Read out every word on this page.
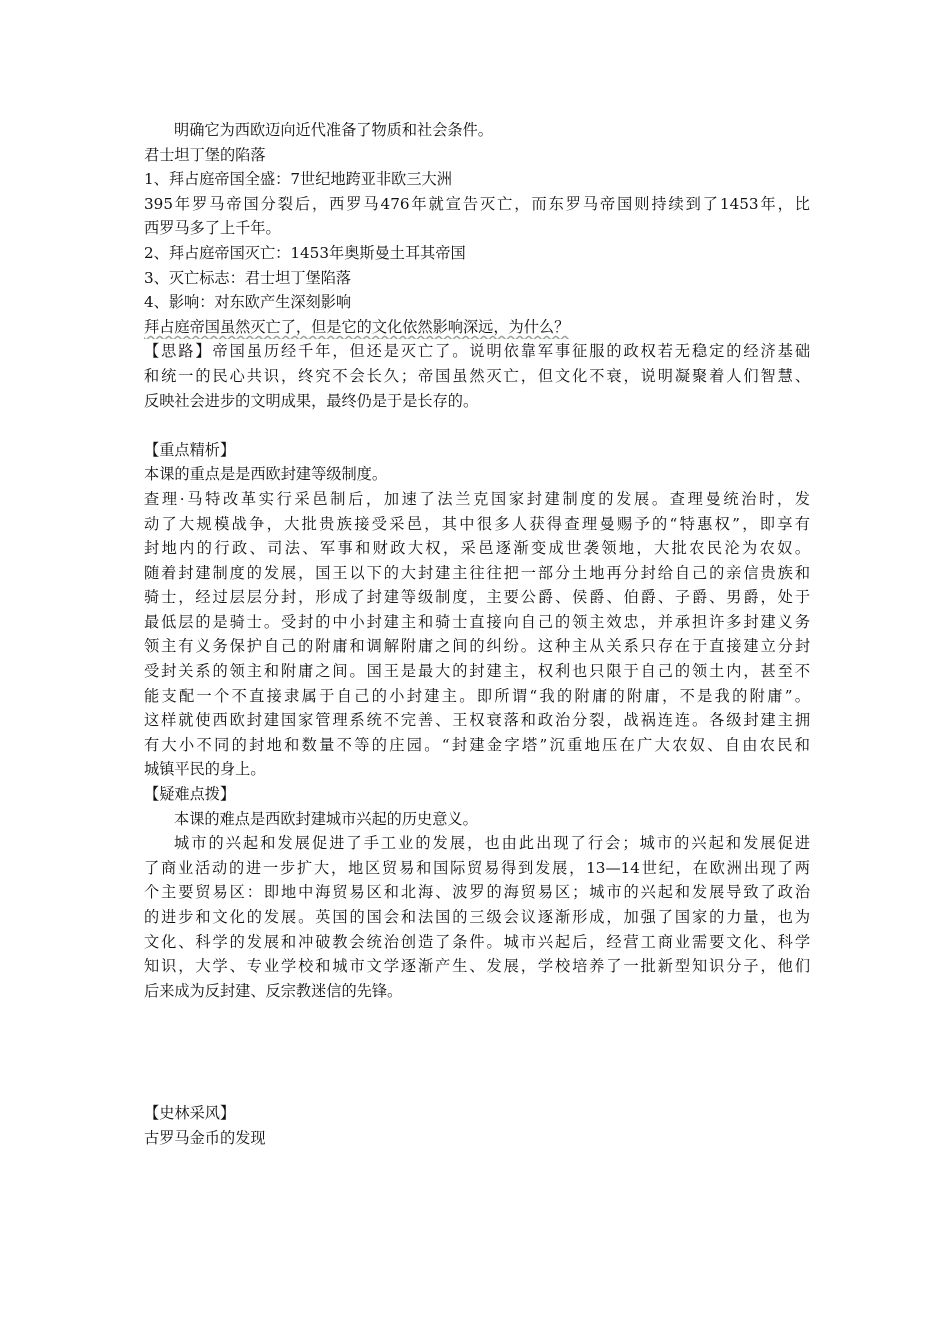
明确它为西欧迈向近代准备了物质和社会条件。
君士坦丁堡的陷落
1、拜占庭帝国全盛：7世纪地跨亚非欧三大洲
395年罗马帝国分裂后，西罗马476年就宣告灭亡，而东罗马帝国则持续到了1453年，比
西罗马多了上千年。
2、拜占庭帝国灭亡：1453年奥斯曼土耳其帝国
3、灭亡标志：君士坦丁堡陷落
4、影响：对东欧产生深刻影响
拜占庭帝国虽然灭亡了，但是它的文化依然影响深远，为什么？
【思路】帝国虽历经千年，但还是灭亡了。说明依靠军事征服的政权若无稳定的经济基础
和统一的民心共识，终究不会长久；帝国虽然灭亡，但文化不衰，说明凝聚着人们智慧、
反映社会进步的文明成果，最终仍是于是长存的。
【重点精析】
本课的重点是是西欧封建等级制度。
查理·马特改革实行采邑制后，加速了法兰克国家封建制度的发展。查理曼统治时，发
动了大规模战争，大批贵族接受采邑，其中很多人获得查理曼赐予的“特惠权”，即享有
封地内的行政、司法、军事和财政大权，采邑逐渐变成世袭领地，大批农民沦为农奴。
随着封建制度的发展，国王以下的大封建主往往把一部分土地再分封给自己的亲信贵族和
骑士，经过层层分封，形成了封建等级制度，主要公爵、侯爵、伯爵、子爵、男爵，处于
最低层的是骑士。受封的中小封建主和骑士直接向自己的领主效忠，并承担许多封建义务
领主有义务保护自己的附庸和调解附庸之间的纠纷。这种主从关系只存在于直接建立分封
受封关系的领主和附庸之间。国王是最大的封建主，权利也只限于自己的领土内，甚至不
能支配一个不直接隶属于自己的小封建主。即所谓“我的附庸的附庸，不是我的附庸”。
这样就使西欧封建国家管理系统不完善、王权衰落和政治分裂，战祸连连。各级封建主拥
有大小不同的封地和数量不等的庄园。“封建金字塔”沉重地压在广大农奴、自由农民和
城镇平民的身上。
【疑难点拨】
本课的难点是西欧封建城市兴起的历史意义。
城市的兴起和发展促进了手工业的发展，也由此出现了行会；城市的兴起和发展促进
了商业活动的进一步扩大，地区贸易和国际贸易得到发展，13—14世纪，在欧洲出现了两
个主要贸易区：即地中海贸易区和北海、波罗的海贸易区；城市的兴起和发展导致了政治
的进步和文化的发展。英国的国会和法国的三级会议逐渐形成，加强了国家的力量，也为
文化、科学的发展和冲破教会统治创造了条件。城市兴起后，经营工商业需要文化、科学
知识，大学、专业学校和城市文学逐渐产生、发展，学校培养了一批新型知识分子，他们
后来成为反封建、反宗教迷信的先锋。
【史林采风】
古罗马金币的发现
